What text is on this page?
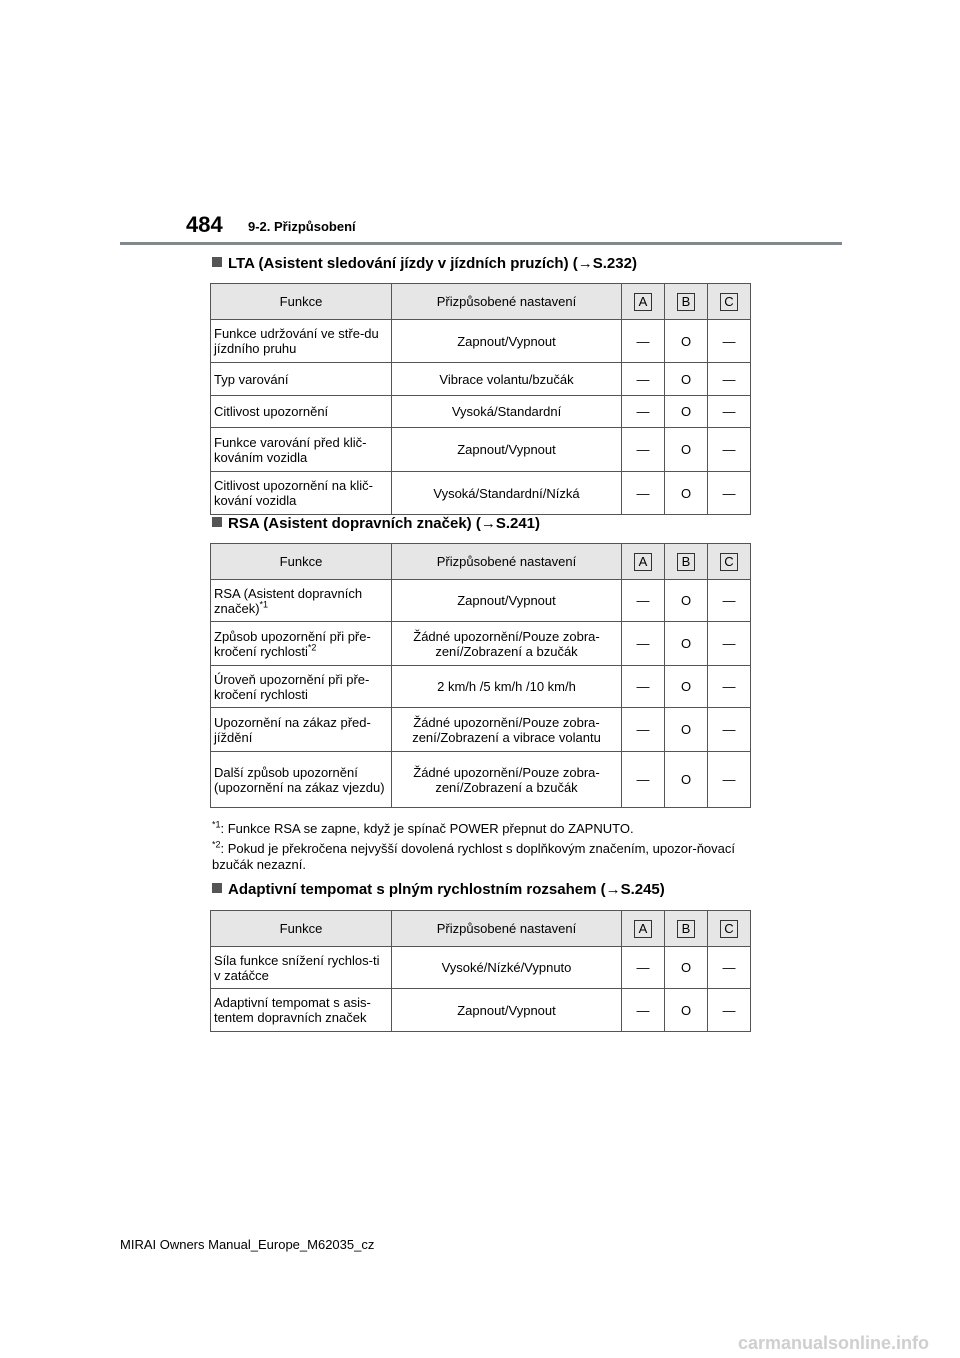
484 9-2. Přizpůsobení
LTA (Asistent sledování jízdy v jízdních pruzích) (→S.232)
Funkce	Přizpůsobené nastavení	A	B	C
Funkce udržování ve stře-du jízdního pruhu	Zapnout/Vypnout	—	O	—
Typ varování	Vibrace volantu/bzučák	—	O	—
Citlivost upozornění	Vysoká/Standardní	—	O	—
Funkce varování před klič-kováním vozidla	Zapnout/Vypnout	—	O	—
Citlivost upozornění na klič-kování vozidla	Vysoká/Standardní/Nízká	—	O	—
RSA (Asistent dopravních značek) (→S.241)
Funkce	Přizpůsobené nastavení	A	B	C
RSA (Asistent dopravních značek)$^{*1}$	Zapnout/Vypnout	—	O	—
Způsob upozornění při pře-kročení rychlosti$^{*2}$	Žádné upozornění/Pouze zobra-zení/Zobrazení a bzučák	—	O	—
Úroveň upozornění při pře-kročení rychlosti	2 km/h /5 km/h /10 km/h	—	O	—
Upozornění na zákaz před-jíždění	Žádné upozornění/Pouze zobra-zení/Zobrazení a vibrace volantu	—	O	—
Další způsob upozornění (upozornění na zákaz vjezdu)	Žádné upozornění/Pouze zobra-zení/Zobrazení a bzučák	—	O	—
$^{*1}$: Funkce RSA se zapne, když je spínač POWER přepnut do ZAPNUTO.
$^{*2}$: Pokud je překročena nejvyšší dovolená rychlost s doplňkovým značením, upozor-ňovací bzučák nezazní.
Adaptivní tempomat s plným rychlostním rozsahem (→S.245)
Funkce	Přizpůsobené nastavení	A	B	C
Síla funkce snížení rychlos-ti v zatáčce	Vysoké/Nízké/Vypnuto	—	O	—
Adaptivní tempomat s asis-tentem dopravních značek	Zapnout/Vypnout	—	O	—
MIRAI Owners Manual_Europe_M62035_cz
carmanualsonline.info
